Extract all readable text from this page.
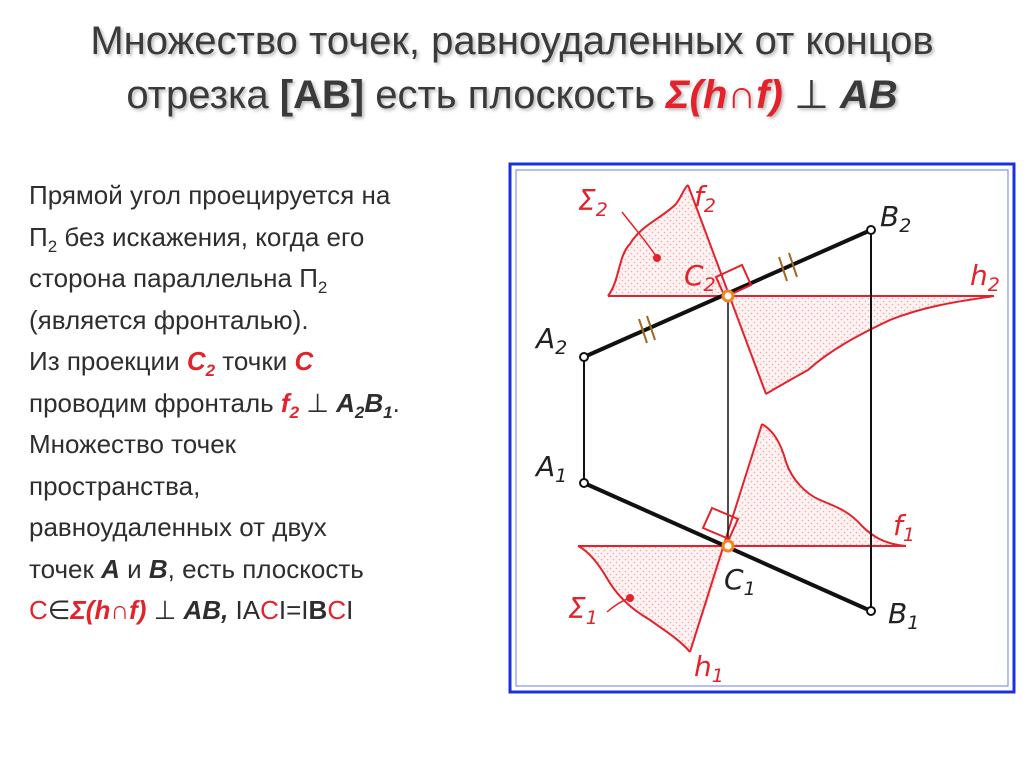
Множество точек, равноудаленных от концов
отрезка [AB] есть плоскость Σ(h∩f) ⊥ AB
Прямой угол проецируется на
$П_2$ без искажения, когда его
сторона параллельна $П_2$
(является фронталью).
Из проекции $C_2$ точки C
проводим фронталь $f_2$ ⊥ $A_2B_1$.
Множество точек
пространства,
равноудаленных от двух
точек A и B, есть плоскость
C∈Σ(h∩f) ⊥ AB, IACI=IBCI
$\Sigma_2$	$f_2$	$B_2$
$C_2$	$h_2$
$A_2$
$A_1$
$f_1$
$C_1$
$\Sigma_1$	$B_1$
$h_1$
